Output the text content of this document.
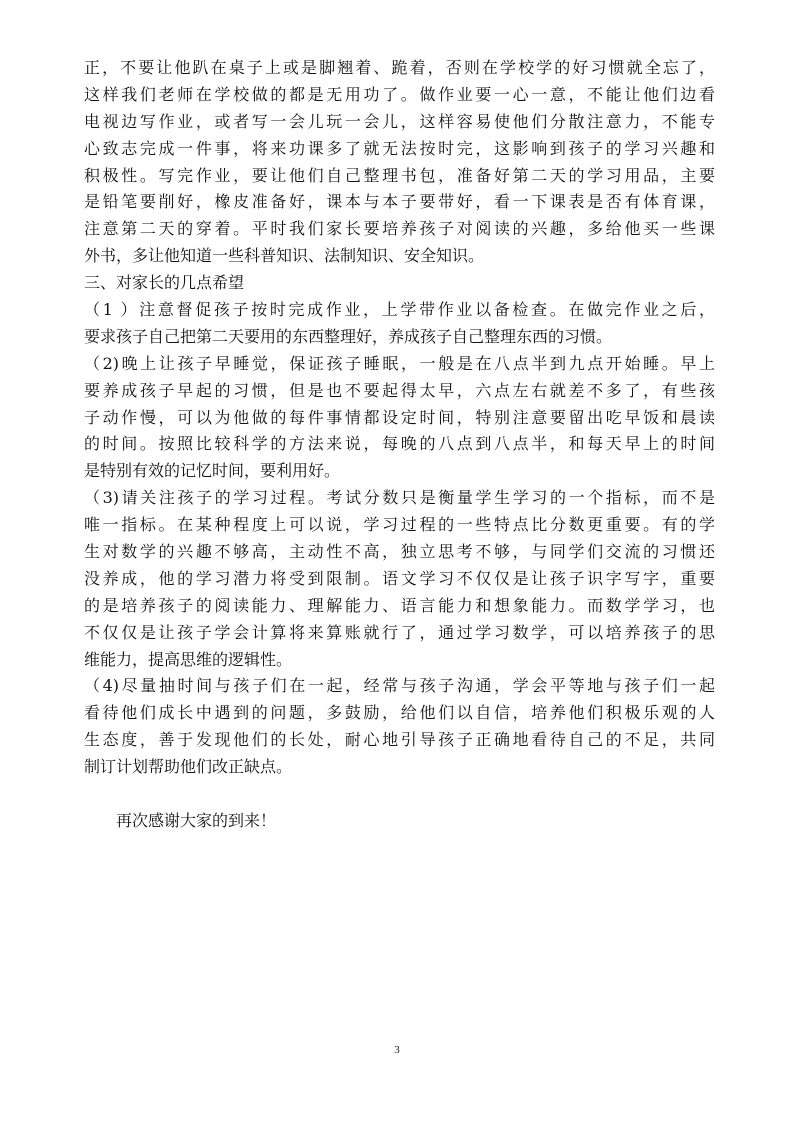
正，不要让他趴在桌子上或是脚翘着、跪着，否则在学校学的好习惯就全忘了，
这样我们老师在学校做的都是无用功了。做作业要一心一意，不能让他们边看
电视边写作业，或者写一会儿玩一会儿，这样容易使他们分散注意力，不能专
心致志完成一件事，将来功课多了就无法按时完，这影响到孩子的学习兴趣和
积极性。写完作业，要让他们自己整理书包，准备好第二天的学习用品，主要
是铅笔要削好，橡皮准备好，课本与本子要带好，看一下课表是否有体育课，
注意第二天的穿着。平时我们家长要培养孩子对阅读的兴趣，多给他买一些课
外书，多让他知道一些科普知识、法制知识、安全知识。
三、对家长的几点希望
（1 ）注意督促孩子按时完成作业，上学带作业以备检查。在做完作业之后，
要求孩子自己把第二天要用的东西整理好，养成孩子自己整理东西的习惯。
（2)晚上让孩子早睡觉，保证孩子睡眠，一般是在八点半到九点开始睡。早上
要养成孩子早起的习惯，但是也不要起得太早，六点左右就差不多了，有些孩
子动作慢，可以为他做的每件事情都设定时间，特别注意要留出吃早饭和晨读
的时间。按照比较科学的方法来说，每晚的八点到八点半，和每天早上的时间
是特别有效的记忆时间，要利用好。
（3)请关注孩子的学习过程。考试分数只是衡量学生学习的一个指标，而不是
唯一指标。在某种程度上可以说，学习过程的一些特点比分数更重要。有的学
生对数学的兴趣不够高，主动性不高，独立思考不够，与同学们交流的习惯还
没养成，他的学习潜力将受到限制。语文学习不仅仅是让孩子识字写字，重要
的是培养孩子的阅读能力、理解能力、语言能力和想象能力。而数学学习，也
不仅仅是让孩子学会计算将来算账就行了，通过学习数学，可以培养孩子的思
维能力，提高思维的逻辑性。
（4)尽量抽时间与孩子们在一起，经常与孩子沟通，学会平等地与孩子们一起
看待他们成长中遇到的问题，多鼓励，给他们以自信，培养他们积极乐观的人
生态度，善于发现他们的长处，耐心地引导孩子正确地看待自己的不足，共同
制订计划帮助他们改正缺点。
再次感谢大家的到来！
3
